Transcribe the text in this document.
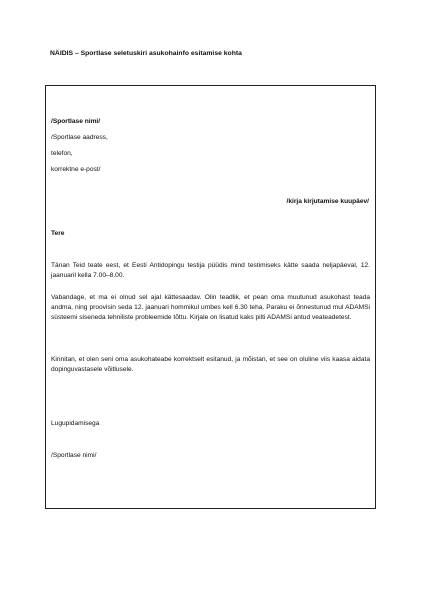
NÄIDIS – Sportlase seletuskiri asukohainfo esitamise kohta
/Sportlase nimi/
/Sportlase aadress,
telefon,
korrektne e-post/
/kirja kirjutamise kuupäev/
Tere
Tänan Teid teate eest, et Eesti Antidopingu testija püüdis mind testimiseks kätte saada neljapäeval, 12. jaanuaril kella 7.00–8.00.
Vabandage, et ma ei olnud sel ajal kättesaadav. Olin teadlik, et pean oma muutunud asukohast teada andma, ning proovisin seda 12. jaanuari hommikul umbes kell 6.30 teha. Paraku ei õnnestunud mul ADAMSi süsteemi siseneda tehniliste probleemide tõttu. Kirjale on lisatud kaks pilti ADAMSi antud veateadetest.
Kinnitan, et olen seni oma asukohateabe korrektselt esitanud, ja mõistan, et see on oluline viis kaasa aidata dopinguvastasele võitlusele.
Lugupidamisega
/Sportlase nimi/
